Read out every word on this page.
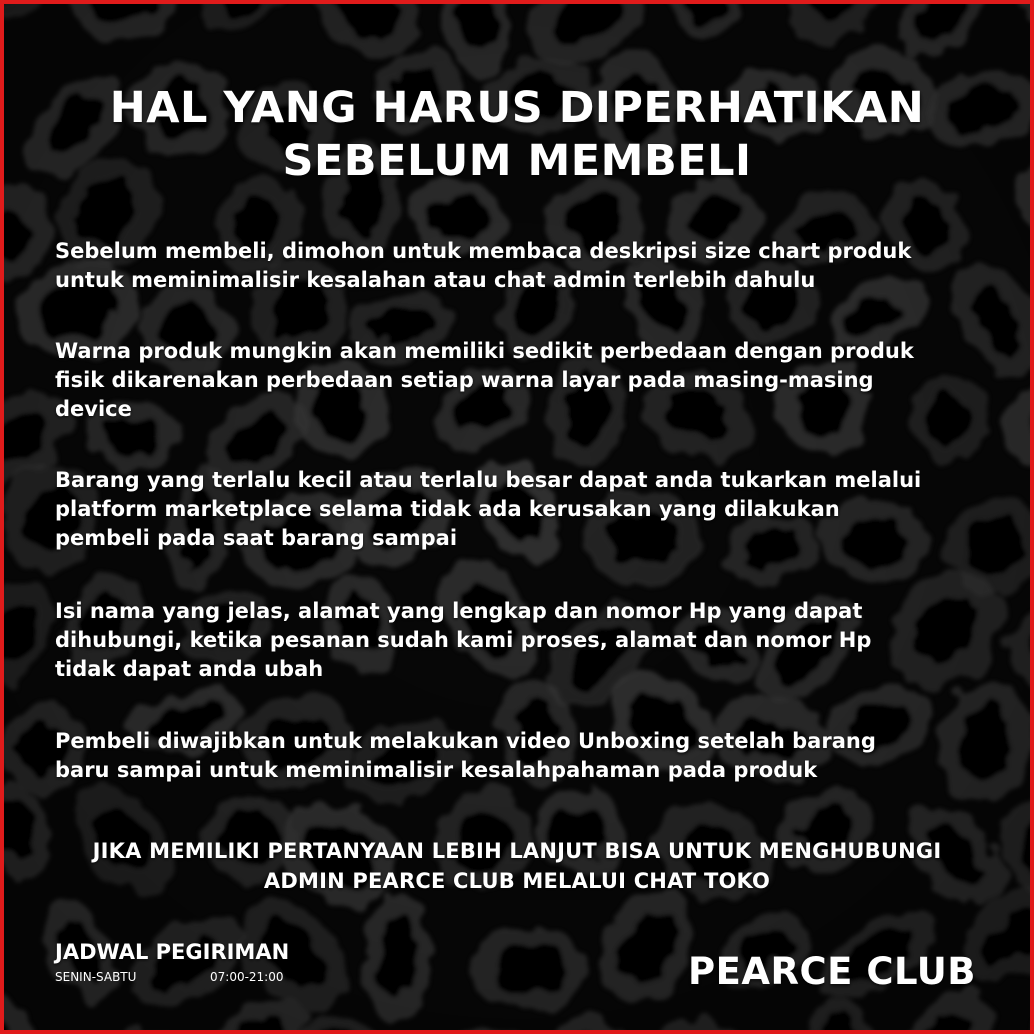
HAL YANG HARUS DIPERHATIKAN
SEBELUM MEMBELI
Sebelum membeli, dimohon untuk membaca deskripsi size chart produk
untuk meminimalisir kesalahan atau chat admin terlebih dahulu
Warna produk mungkin akan memiliki sedikit perbedaan dengan produk
fisik dikarenakan perbedaan setiap warna layar pada masing-masing
device
Barang yang terlalu kecil atau terlalu besar dapat anda tukarkan melalui
platform marketplace selama tidak ada kerusakan yang dilakukan
pembeli pada saat barang sampai
Isi nama yang jelas, alamat yang lengkap dan nomor Hp yang dapat
dihubungi, ketika pesanan sudah kami proses, alamat dan nomor Hp
tidak dapat anda ubah
Pembeli diwajibkan untuk melakukan video Unboxing setelah barang
baru sampai untuk meminimalisir kesalahpahaman pada produk
JIKA MEMILIKI PERTANYAAN LEBIH LANJUT BISA UNTUK MENGHUBUNGI
ADMIN PEARCE CLUB MELALUI CHAT TOKO
JADWAL PEGIRIMAN
SENIN-SABTU	07:00-21:00	PEARCE CLUB
